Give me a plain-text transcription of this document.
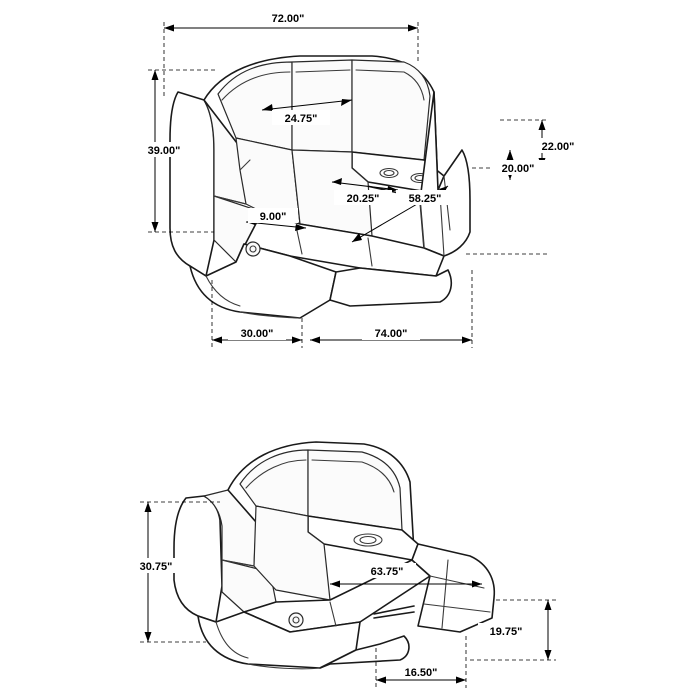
72.00"
39.00"
24.75"
20.25"	58.25"
9.00"
22.00"
20.00"
30.00"	74.00"
30.75"	63.75"
19.75"
16.50"
